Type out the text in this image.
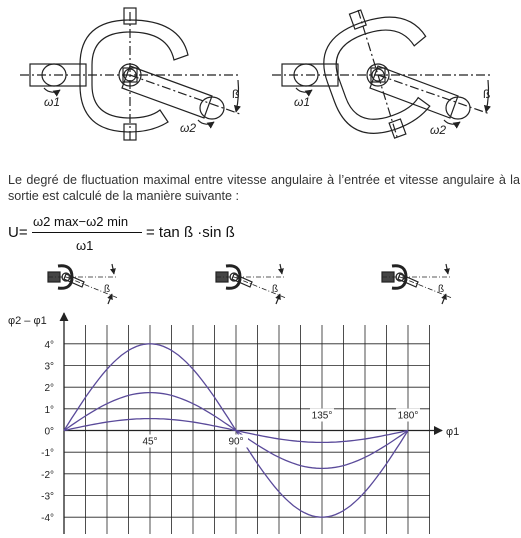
ω1
ω2
ß
ω1
ω2
ß
Le degré de fluctuation maximal entre vitesse angulaire à l’entrée et vitesse angulaire à la sortie est calculé de la manière suivante :
U=
ω2 max−ω2 min
ω1
= tan ß ·sin ß
ß	ß	ß
4°
3°
2°
1°
0°
-1°
-2°
-3°
-4°
45°	90°
135°	180°
φ2 – φ1
φ1
